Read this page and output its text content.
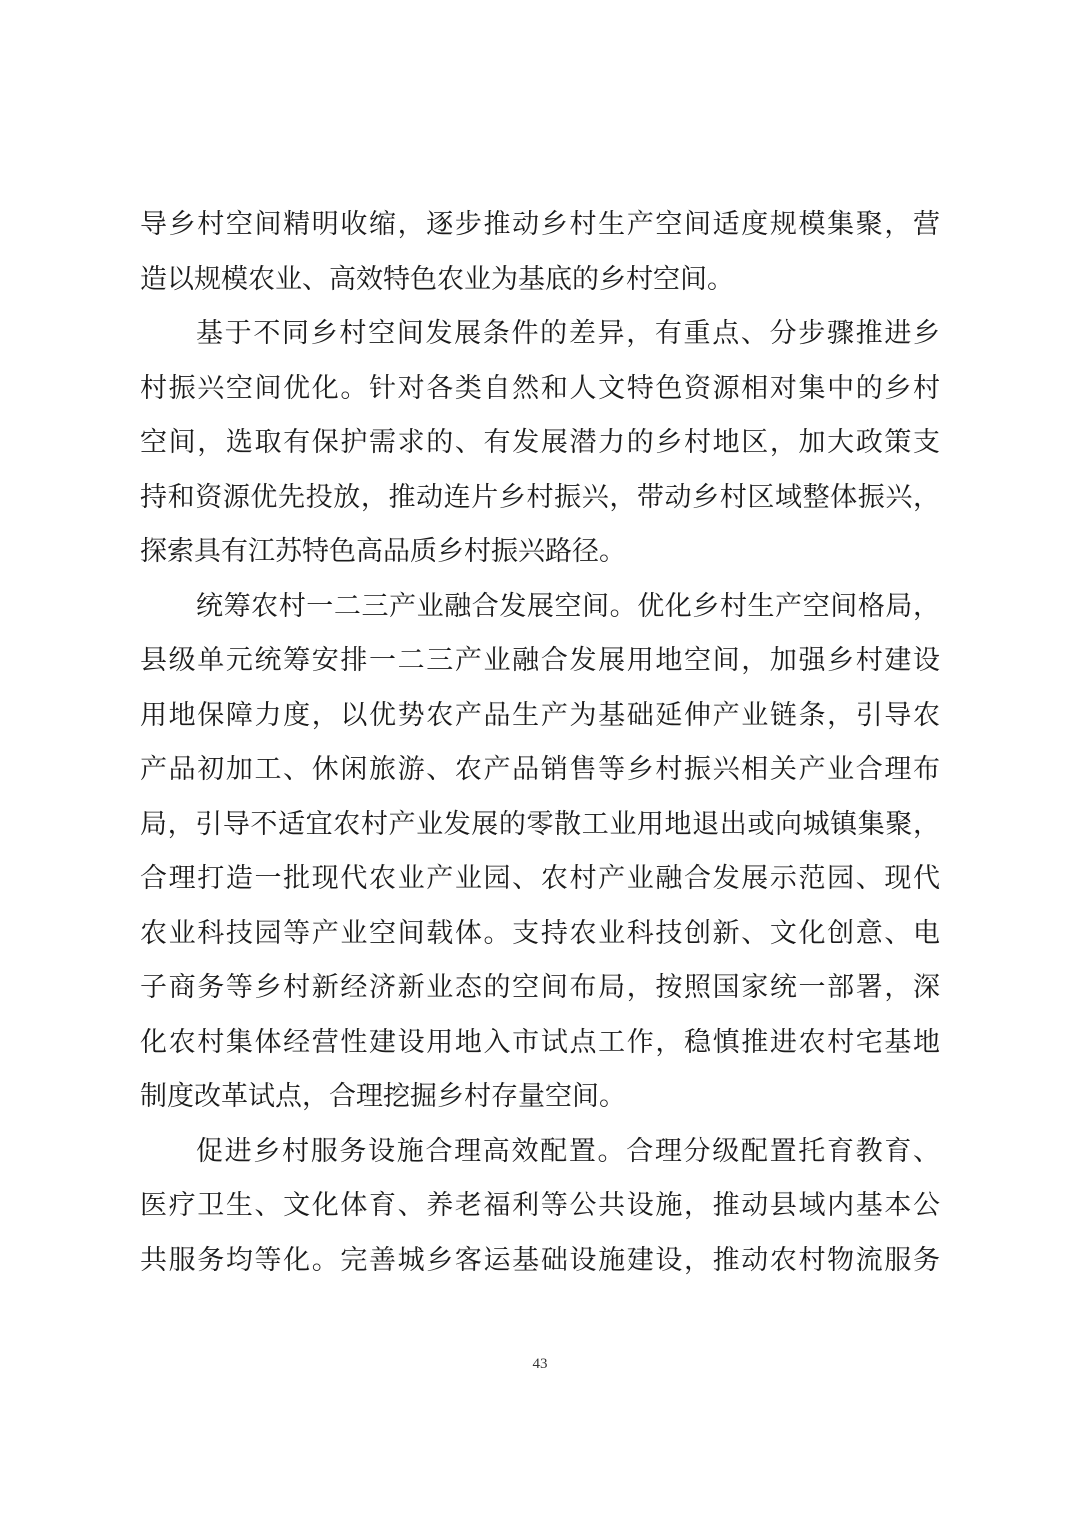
导乡村空间精明收缩，逐步推动乡村生产空间适度规模集聚，营
造以规模农业、高效特色农业为基底的乡村空间。
基于不同乡村空间发展条件的差异，有重点、分步骤推进乡
村振兴空间优化。针对各类自然和人文特色资源相对集中的乡村
空间，选取有保护需求的、有发展潜力的乡村地区，加大政策支
持和资源优先投放，推动连片乡村振兴，带动乡村区域整体振兴，
探索具有江苏特色高品质乡村振兴路径。
统筹农村一二三产业融合发展空间。优化乡村生产空间格局，
县级单元统筹安排一二三产业融合发展用地空间，加强乡村建设
用地保障力度，以优势农产品生产为基础延伸产业链条，引导农
产品初加工、休闲旅游、农产品销售等乡村振兴相关产业合理布
局，引导不适宜农村产业发展的零散工业用地退出或向城镇集聚，
合理打造一批现代农业产业园、农村产业融合发展示范园、现代
农业科技园等产业空间载体。支持农业科技创新、文化创意、电
子商务等乡村新经济新业态的空间布局，按照国家统一部署，深
化农村集体经营性建设用地入市试点工作，稳慎推进农村宅基地
制度改革试点，合理挖掘乡村存量空间。
促进乡村服务设施合理高效配置。合理分级配置托育教育、
医疗卫生、文化体育、养老福利等公共设施，推动县域内基本公
共服务均等化。完善城乡客运基础设施建设，推动农村物流服务
43
